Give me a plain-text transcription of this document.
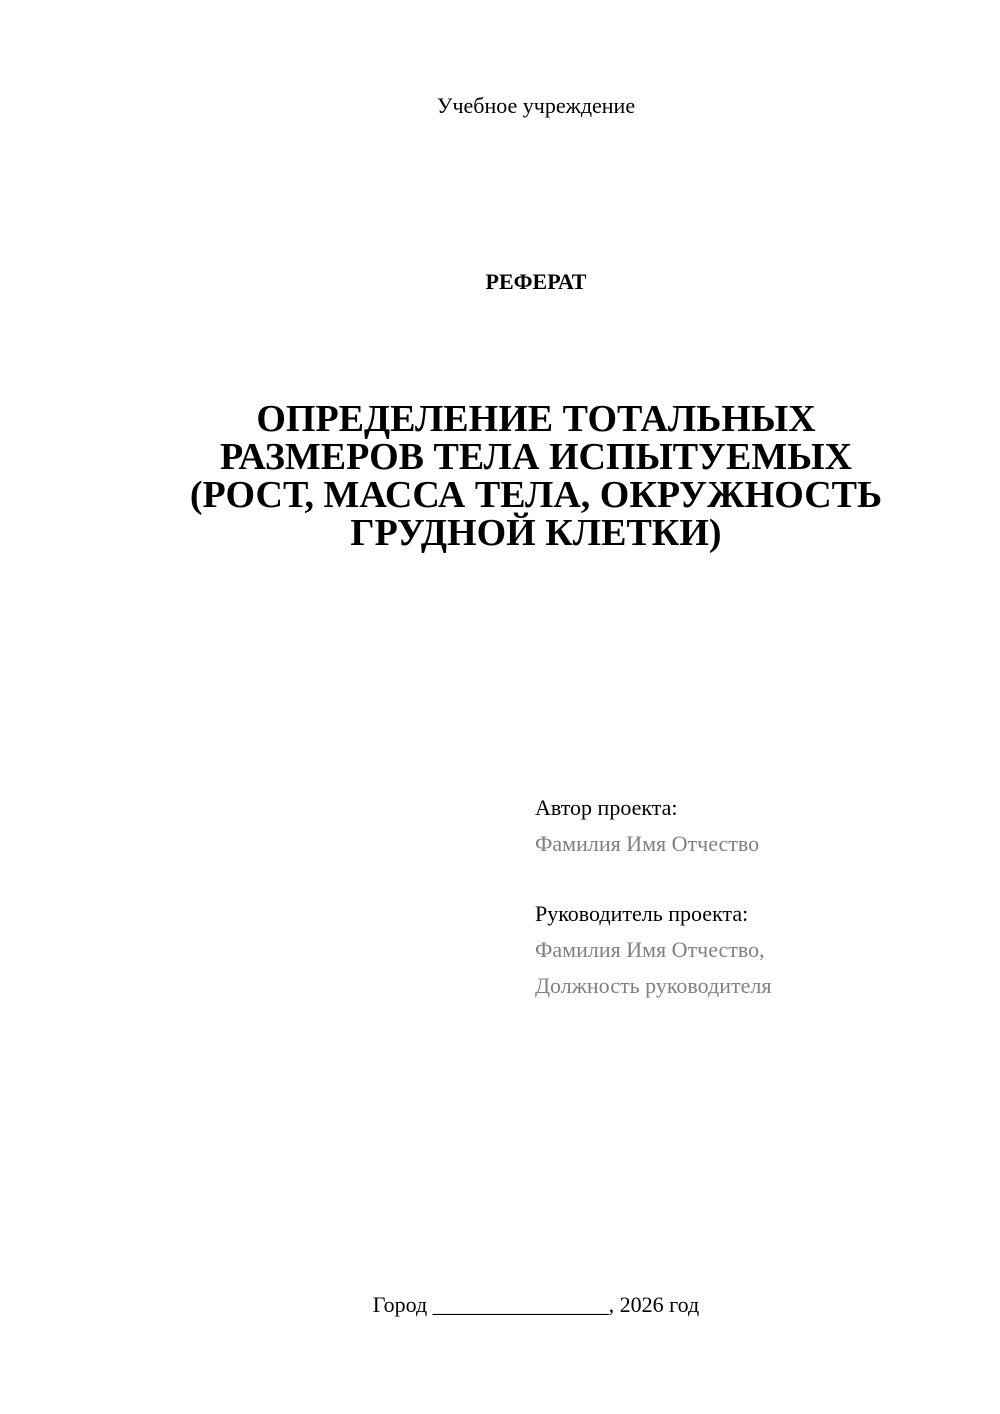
Учебное учреждение
РЕФЕРАТ
ОПРЕДЕЛЕНИЕ ТОТАЛЬНЫХ
РАЗМЕРОВ ТЕЛА ИСПЫТУЕМЫХ
(РОСТ, МАССА ТЕЛА, ОКРУЖНОСТЬ
ГРУДНОЙ КЛЕТКИ)
Автор проекта:
Фамилия Имя Отчество
Руководитель проекта:
Фамилия Имя Отчество,
Должность руководителя
Город ________________, 2026 год
